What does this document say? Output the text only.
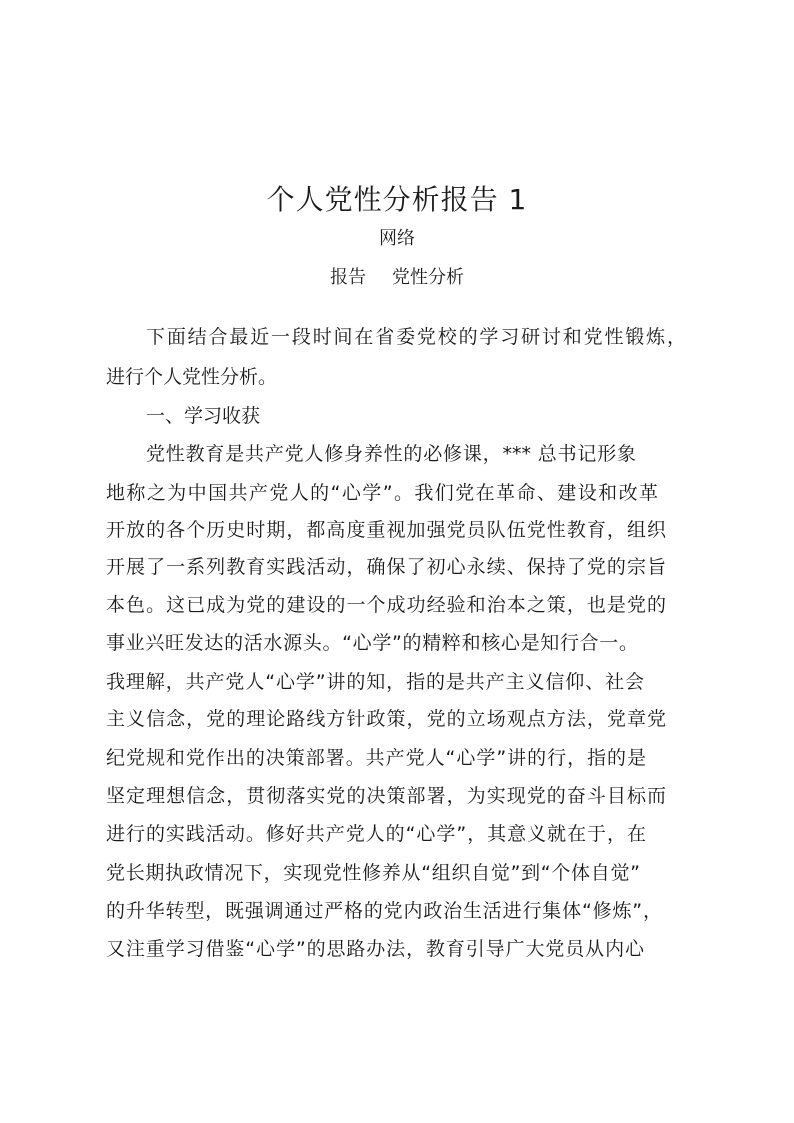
个人党性分析报告 1
网络
报告 党性分析
下面结合最近一段时间在省委党校的学习研讨和党性锻炼，
进行个人党性分析。
一、学习收获
党性教育是共产党人修身养性的必修课，*** 总书记形象
地称之为中国共产党人的“心学”。我们党在革命、建设和改革
开放的各个历史时期，都高度重视加强党员队伍党性教育，组织
开展了一系列教育实践活动，确保了初心永续、保持了党的宗旨
本色。这已成为党的建设的一个成功经验和治本之策，也是党的
事业兴旺发达的活水源头。“心学”的精粹和核心是知行合一。
我理解，共产党人“心学”讲的知，指的是共产主义信仰、社会
主义信念，党的理论路线方针政策，党的立场观点方法，党章党
纪党规和党作出的决策部署。共产党人“心学”讲的行，指的是
坚定理想信念，贯彻落实党的决策部署，为实现党的奋斗目标而
进行的实践活动。修好共产党人的“心学”，其意义就在于，在
党长期执政情况下，实现党性修养从“组织自觉”到“个体自觉”
的升华转型，既强调通过严格的党内政治生活进行集体“修炼”，
又注重学习借鉴“心学”的思路办法，教育引导广大党员从内心
